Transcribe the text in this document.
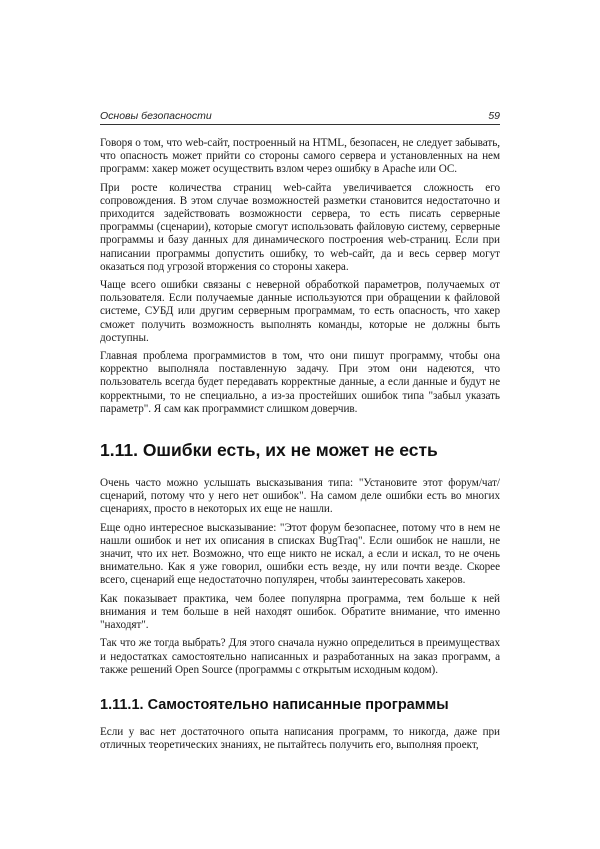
Основы безопасности	59

Говоря о том, что web-сайт, построенный на HTML, безопасен, не следует забывать, что опасность может прийти со стороны самого сервера и установленных на нем программ: хакер может осуществить взлом через ошибку в Apache или ОС.

При росте количества страниц web-сайта увеличивается сложность его сопровождения. В этом случае возможностей разметки становится недостаточно и приходится задействовать возможности сервера, то есть писать серверные программы (сценарии), которые смогут использовать файловую систему, серверные программы и базу данных для динамического построения web-страниц. Если при написании программы допустить ошибку, то web-сайт, да и весь сервер могут оказаться под угрозой вторжения со стороны хакера.

Чаще всего ошибки связаны с неверной обработкой параметров, получаемых от пользователя. Если получаемые данные используются при обращении к файловой системе, СУБД или другим серверным программам, то есть опасность, что хакер сможет получить возможность выполнять команды, которые не должны быть доступны.

Главная проблема программистов в том, что они пишут программу, чтобы она корректно выполняла поставленную задачу. При этом они надеются, что пользователь всегда будет передавать корректные данные, а если данные и будут не корректными, то не специально, а из-за простейших ошибок типа "забыл указать параметр". Я сам как программист слишком доверчив.

1.11. Ошибки есть, их не может не есть

Очень часто можно услышать высказывания типа: "Установите этот форум/чат/сценарий, потому что у него нет ошибок". На самом деле ошибки есть во многих сценариях, просто в некоторых их еще не нашли.

Еще одно интересное высказывание: "Этот форум безопаснее, потому что в нем не нашли ошибок и нет их описания в списках BugTraq". Если ошибок не нашли, не значит, что их нет. Возможно, что еще никто не искал, а если и искал, то не очень внимательно. Как я уже говорил, ошибки есть везде, ну или почти везде. Скорее всего, сценарий еще недостаточно популярен, чтобы заинтересовать хакеров.

Как показывает практика, чем более популярна программа, тем больше к ней внимания и тем больше в ней находят ошибок. Обратите внимание, что именно "находят".

Так что же тогда выбрать? Для этого сначала нужно определиться в преимуществах и недостатках самостоятельно написанных и разработанных на заказ программ, а также решений Open Source (программы с открытым исходным кодом).

1.11.1. Самостоятельно написанные программы

Если у вас нет достаточного опыта написания программ, то никогда, даже при отличных теоретических знаниях, не пытайтесь получить его, выполняя проект,
